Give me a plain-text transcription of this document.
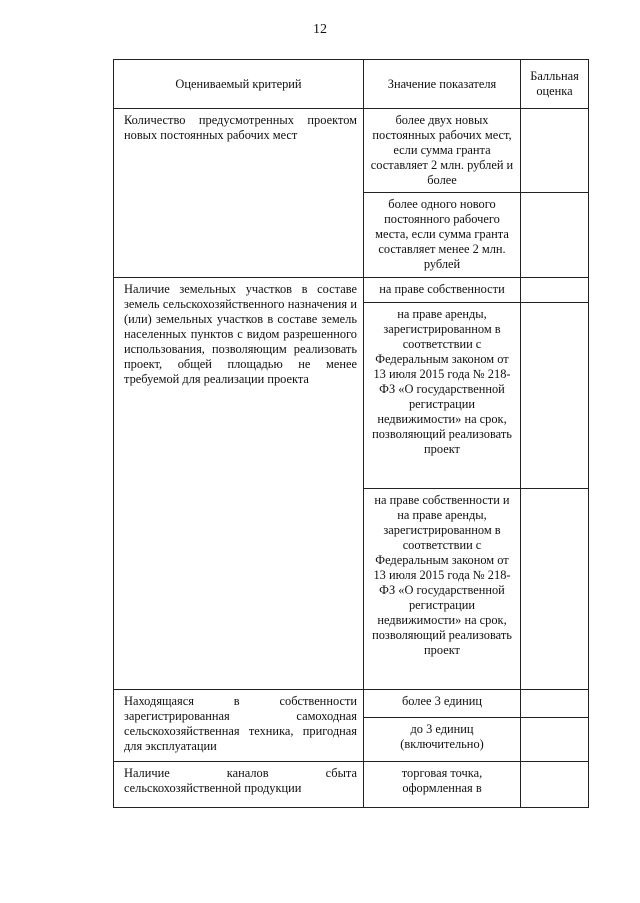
12
Оцениваемый критерий	Значение показателя	Балльная оценка
Количество предусмотренных проектом новых постоянных рабочих мест	более двух новых постоянных рабочих мест, если сумма гранта составляет 2 млн. рублей и более	
	более одного нового постоянного рабочего места, если сумма гранта составляет менее 2 млн. рублей	
Наличие земельных участков в составе земель сельскохозяйственного назначения и (или) земельных участков в составе земель населенных пунктов с видом разрешенного использования, позволяющим реализовать проект, общей площадью не менее требуемой для реализации проекта	на праве собственности	
	на праве аренды, зарегистрированном в соответствии с Федеральным законом от 13 июля 2015 года № 218-ФЗ «О государственной регистрации недвижимости» на срок, позволяющий реализовать проект	
	на праве собственности и на праве аренды, зарегистрированном в соответствии с Федеральным законом от 13 июля 2015 года № 218-ФЗ «О государственной регистрации недвижимости» на срок, позволяющий реализовать проект	
Находящаяся в собственности зарегистрированная самоходная сельскохозяйственная техника, пригодная для эксплуатации	более 3 единиц	
	до 3 единиц (включительно)	
Наличие каналов сбыта сельскохозяйственной продукции	торговая точка, оформленная в	
